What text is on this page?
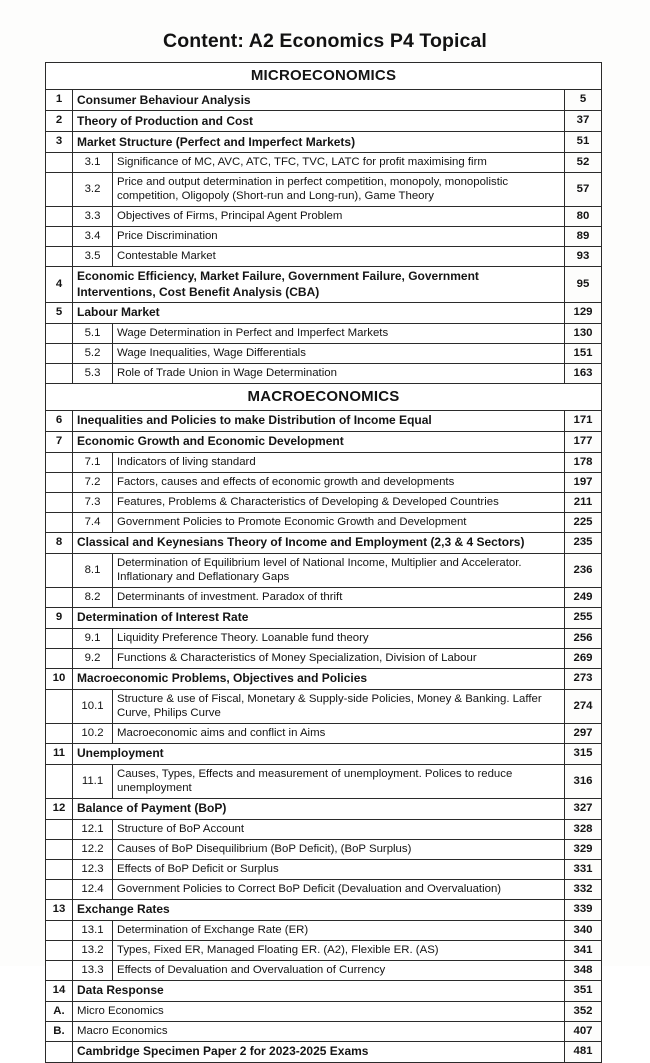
Content: A2 Economics P4 Topical
MICROECONOMICS			
1	Consumer Behaviour Analysis		5
2	Theory of Production and Cost		37
3	Market Structure (Perfect and Imperfect Markets)		51
	3.1	Significance of MC, AVC, ATC, TFC, TVC, LATC for profit maximising firm	52
	3.2	Price and output determination in perfect competition, monopoly, monopolistic competition, Oligopoly (Short-run and Long-run), Game Theory	57
	3.3	Objectives of Firms, Principal Agent Problem	80
	3.4	Price Discrimination	89
	3.5	Contestable Market	93
4	Economic Efficiency, Market Failure, Government Failure, Government Interventions, Cost Benefit Analysis (CBA)		95
5	Labour Market		129
	5.1	Wage Determination in Perfect and Imperfect Markets	130
	5.2	Wage Inequalities, Wage Differentials	151
	5.3	Role of Trade Union in Wage Determination	163
MACROECONOMICS			
6	Inequalities and Policies to make Distribution of Income Equal		171
7	Economic Growth and Economic Development		177
	7.1	Indicators of living standard	178
	7.2	Factors, causes and effects of economic growth and developments	197
	7.3	Features, Problems & Characteristics of Developing & Developed Countries	211
	7.4	Government Policies to Promote Economic Growth and Development	225
8	Classical and Keynesians Theory of Income and Employment (2,3 & 4 Sectors)		235
	8.1	Determination of Equilibrium level of National Income, Multiplier and Accelerator. Inflationary and Deflationary Gaps	236
	8.2	Determinants of investment. Paradox of thrift	249
9	Determination of Interest Rate		255
	9.1	Liquidity Preference Theory. Loanable fund theory	256
	9.2	Functions & Characteristics of Money Specialization, Division of Labour	269
10	Macroeconomic Problems, Objectives and Policies		273
	10.1	Structure & use of Fiscal, Monetary & Supply-side Policies, Money & Banking. Laffer Curve, Philips Curve	274
	10.2	Macroeconomic aims and conflict in Aims	297
11	Unemployment		315
	11.1	Causes, Types, Effects and measurement of unemployment. Polices to reduce unemployment	316
12	Balance of Payment (BoP)		327
	12.1	Structure of BoP Account	328
	12.2	Causes of BoP Disequilibrium (BoP Deficit), (BoP Surplus)	329
	12.3	Effects of BoP Deficit or Surplus	331
	12.4	Government Policies to Correct BoP Deficit (Devaluation and Overvaluation)	332
13	Exchange Rates		339
	13.1	Determination of Exchange Rate (ER)	340
	13.2	Types, Fixed ER, Managed Floating ER. (A2), Flexible ER. (AS)	341
	13.3	Effects of Devaluation and Overvaluation of Currency	348
14	Data Response		351
A.	Micro Economics		352
B.	Macro Economics		407
	Cambridge Specimen Paper 2 for 2023-2025 Exams		481
